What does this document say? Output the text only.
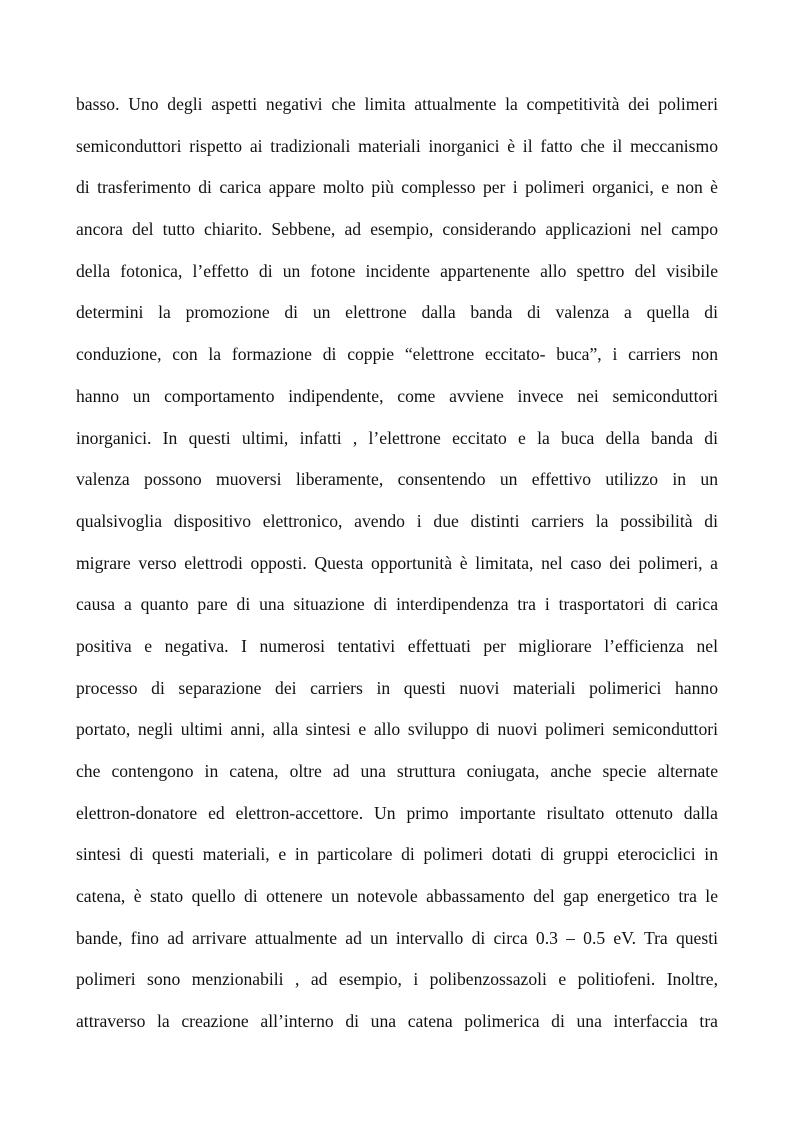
basso. Uno degli aspetti negativi che limita attualmente la competitività dei polimeri
semiconduttori rispetto ai tradizionali materiali inorganici è il fatto che il meccanismo
di trasferimento di carica appare molto più complesso per i polimeri organici, e non è
ancora del tutto chiarito. Sebbene, ad esempio, considerando applicazioni nel campo
della fotonica, l’effetto di un fotone incidente appartenente allo spettro del visibile
determini la promozione di un elettrone dalla banda di valenza a quella di
conduzione, con la formazione di coppie “elettrone eccitato- buca”, i carriers non
hanno un comportamento indipendente, come avviene invece nei semiconduttori
inorganici. In questi ultimi, infatti , l’elettrone eccitato e la buca della banda di
valenza possono muoversi liberamente, consentendo un effettivo utilizzo in un
qualsivoglia dispositivo elettronico, avendo i due distinti carriers la possibilità di
migrare verso elettrodi opposti. Questa opportunità è limitata, nel caso dei polimeri, a
causa a quanto pare di una situazione di interdipendenza tra i trasportatori di carica
positiva e negativa. I numerosi tentativi effettuati per migliorare l’efficienza nel
processo di separazione dei carriers in questi nuovi materiali polimerici hanno
portato, negli ultimi anni, alla sintesi e allo sviluppo di nuovi polimeri semiconduttori
che contengono in catena, oltre ad una struttura coniugata, anche specie alternate
elettron-donatore ed elettron-accettore. Un primo importante risultato ottenuto dalla
sintesi di questi materiali, e in particolare di polimeri dotati di gruppi eterociclici in
catena, è stato quello di ottenere un notevole abbassamento del gap energetico tra le
bande, fino ad arrivare attualmente ad un intervallo di circa 0.3 – 0.5 eV. Tra questi
polimeri sono menzionabili , ad esempio, i polibenzossazoli e politiofeni. Inoltre,
attraverso la creazione all’interno di una catena polimerica di una interfaccia tra
